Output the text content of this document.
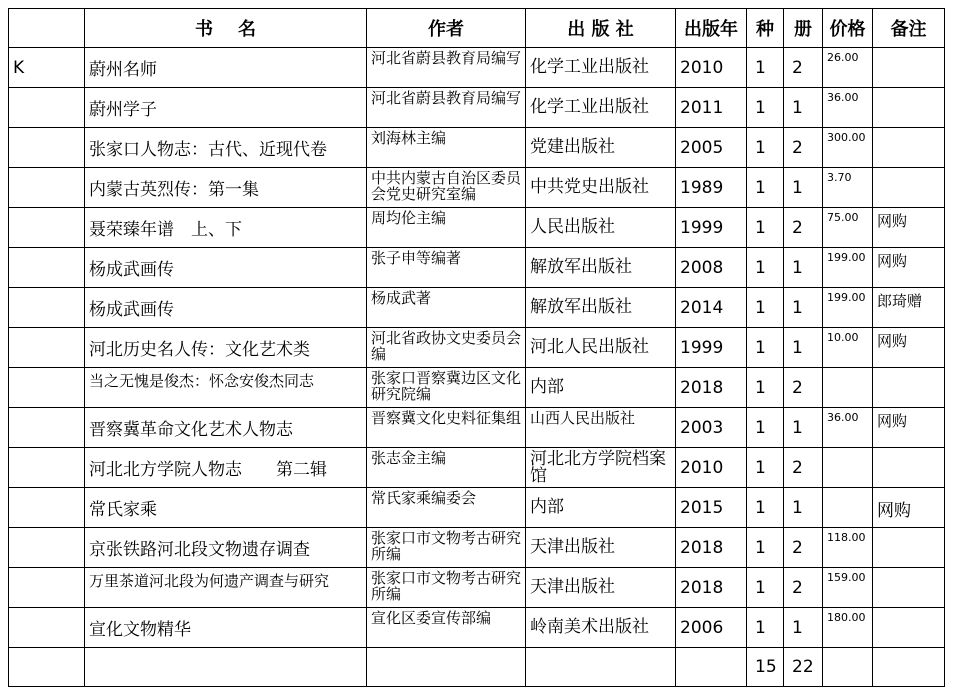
	书    名	作者	出 版 社	出版年	种	册	价格	备注
K	蔚州名师	河北省蔚县教育局编写	化学工业出版社	2010	1	2	26.00	
	蔚州学子	河北省蔚县教育局编写	化学工业出版社	2011	1	1	36.00	
	张家口人物志：古代、近现代卷	刘海林主编	党建出版社	2005	1	2	300.00	
	内蒙古英烈传：第一集	中共内蒙古自治区委员会党史研究室编	中共党史出版社	1989	1	1	3.70	
	聂荣臻年谱　上、下	周均伦主编	人民出版社	1999	1	2	75.00	网购
	杨成武画传	张子申等编著	解放军出版社	2008	1	1	199.00	网购
	杨成武画传	杨成武著	解放军出版社	2014	1	1	199.00	郎琦赠
	河北历史名人传：文化艺术类	河北省政协文史委员会编	河北人民出版社	1999	1	1	10.00	网购
	当之无愧是俊杰：怀念安俊杰同志	张家口晋察冀边区文化研究院编	内部	2018	1	2		
	晋察冀革命文化艺术人物志	晋察冀文化史料征集组	山西人民出版社	2003	1	1	36.00	网购
	河北北方学院人物志　　第二辑	张志金主编	河北北方学院档案馆	2010	1	2		
	常氏家乘	常氏家乘编委会	内部	2015	1	1		网购
	京张铁路河北段文物遗存调查	张家口市文物考古研究所编	天津出版社	2018	1	2	118.00	
	万里茶道河北段为何遗产调查与研究	张家口市文物考古研究所编	天津出版社	2018	1	2	159.00	
	宣化文物精华	宣化区委宣传部编	岭南美术出版社	2006	1	1	180.00	
					15	22		
